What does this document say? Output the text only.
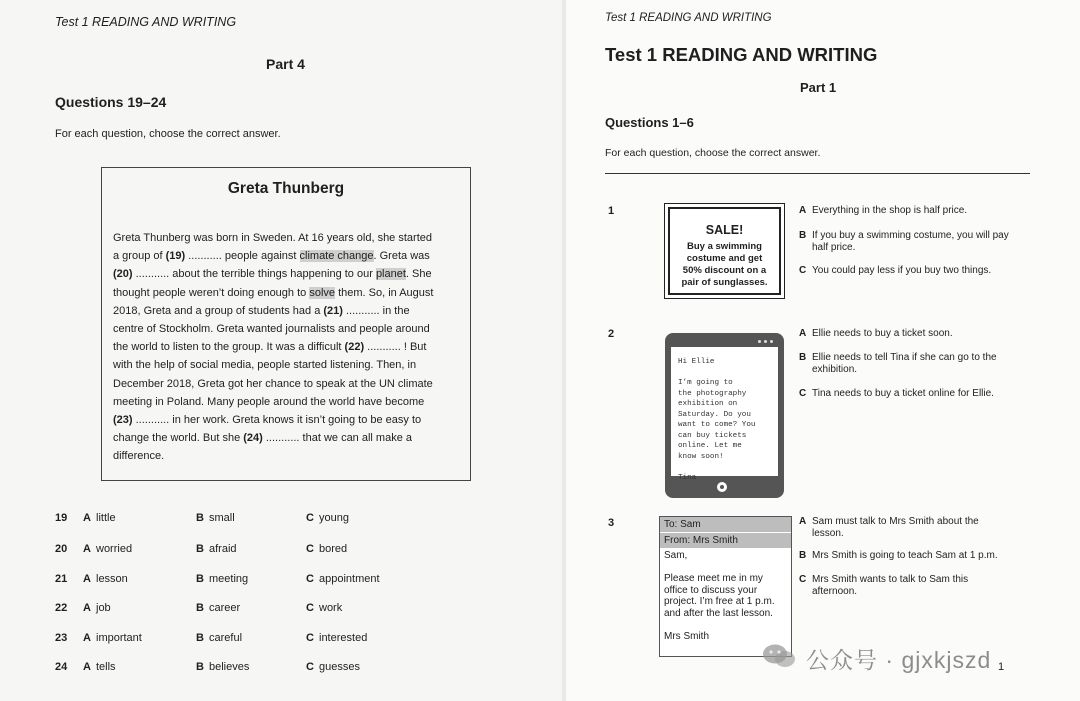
Test 1 READING AND WRITING
Part 4
Questions 19–24
For each question, choose the correct answer.
Greta Thunberg
Greta Thunberg was born in Sweden. At 16 years old, she started
a group of (19) ........... people against climate change. Greta was
(20) ........... about the terrible things happening to our planet. She
thought people weren’t doing enough to solve them. So, in August
2018, Greta and a group of students had a (21) ........... in the
centre of Stockholm. Greta wanted journalists and people around
the world to listen to the group. It was a difficult (22) ........... ! But
with the help of social media, people started listening. Then, in
December 2018, Greta got her chance to speak at the UN climate
meeting in Poland. Many people around the world have become
(23) ........... in her work. Greta knows it isn’t going to be easy to
change the world. But she (24) ........... that we can all make a
difference.
19 A little	B small	C young
20 A worried	B afraid	C bored
21 A lesson	B meeting	C appointment
22 A job	B career	C work
23 A important	B careful	C interested
24 A tells	B believes	C guesses
Test 1 READING AND WRITING
Test 1 READING AND WRITING
Part 1
Questions 1–6
For each question, choose the correct answer.
1
SALE!
Buy a swimming
costume and get
50% discount on a
pair of sunglasses.
A Everything in the shop is half price.
B If you buy a swimming costume, you will pay
half price.
C You could pay less if you buy two things.
2
Hi Ellie
I’m going to
the photography
exhibition on
Saturday. Do you
want to come? You
can buy tickets
online. Let me
know soon!
Tina
A Ellie needs to buy a ticket soon.
B Ellie needs to tell Tina if she can go to the
exhibition.
C Tina needs to buy a ticket online for Ellie.
3	To: Sam
From: Mrs Smith
Sam,
Please meet me in my
office to discuss your
project. I’m free at 1 p.m.
and after the last lesson.
Mrs Smith
A Sam must talk to Mrs Smith about the
lesson.
B Mrs Smith is going to teach Sam at 1 p.m.
C Mrs Smith wants to talk to Sam this
afternoon.
1
公众号 · gjxkjszd
